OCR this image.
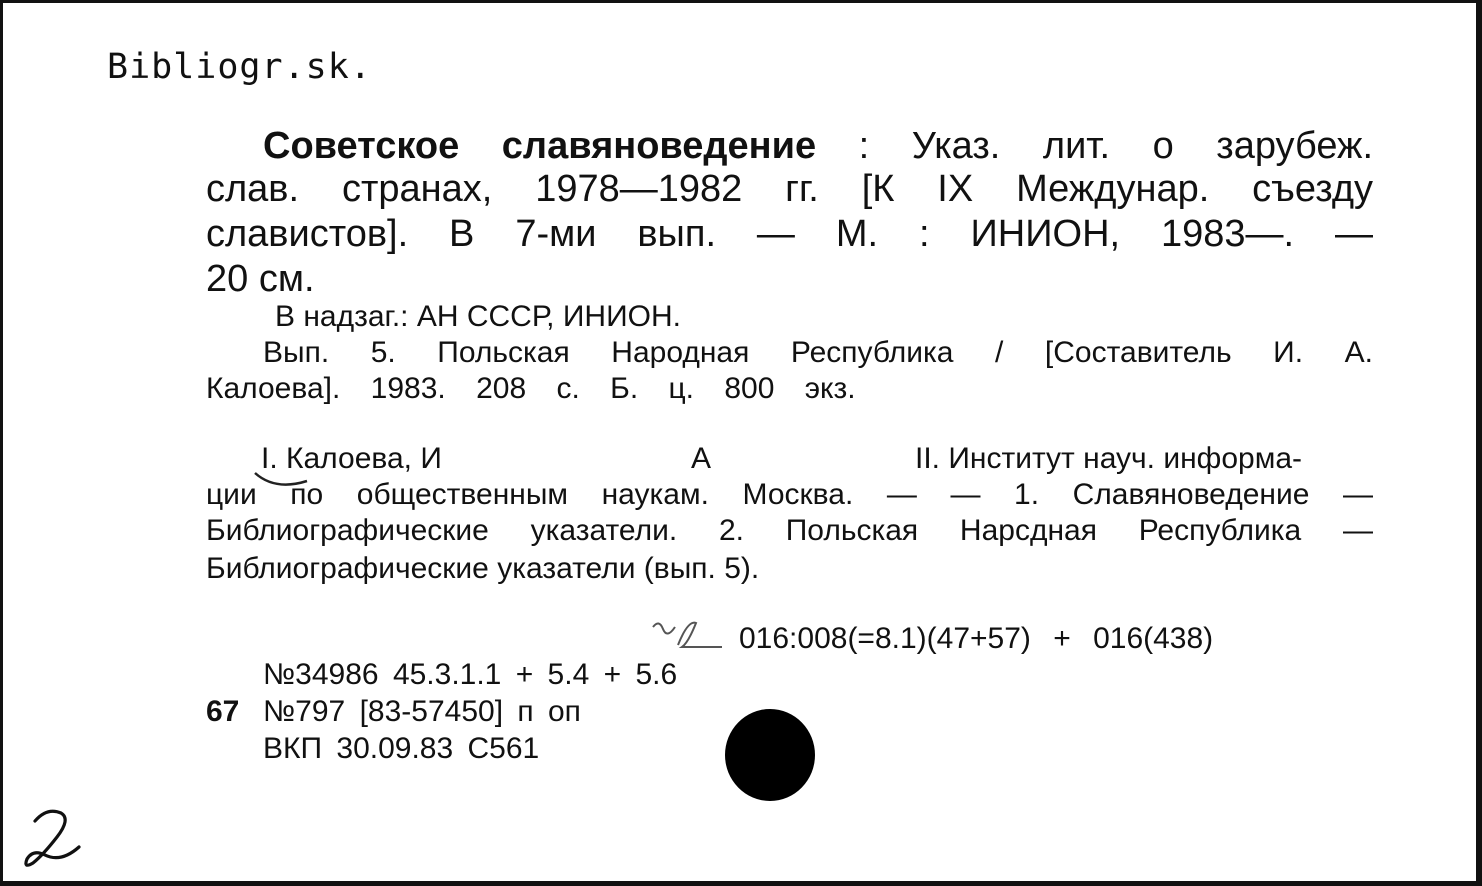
Bibliogr.sk.
Советское славяноведение : Указ. лит. о зарубеж.
слав. странах, 1978—1982 гг. [К IX Междунар. съезду
славистов]. В 7-ми вып. — М. : ИНИОН, 1983—. —
20 см.
В надзаг.: АН СССР, ИНИОН.
Вып. 5. Польская Народная Республика / [Составитель И. А.
Калоева]. 1983. 208 с. Б. ц. 800 экз.
I. Калоева, И	А	II. Институт науч. информа-
ции по общественным наукам. Москва. — — 1. Славяноведение —
Библиографические указатели. 2. Польская Нарсдная Республика —
Библиографические указатели (вып. 5).
016:008(=8.1)(47+57) + 016(438)
№34986 45.3.1.1 + 5.4 + 5.6
67 №797 [83-57450] п оп
ВКП 30.09.83 С561
